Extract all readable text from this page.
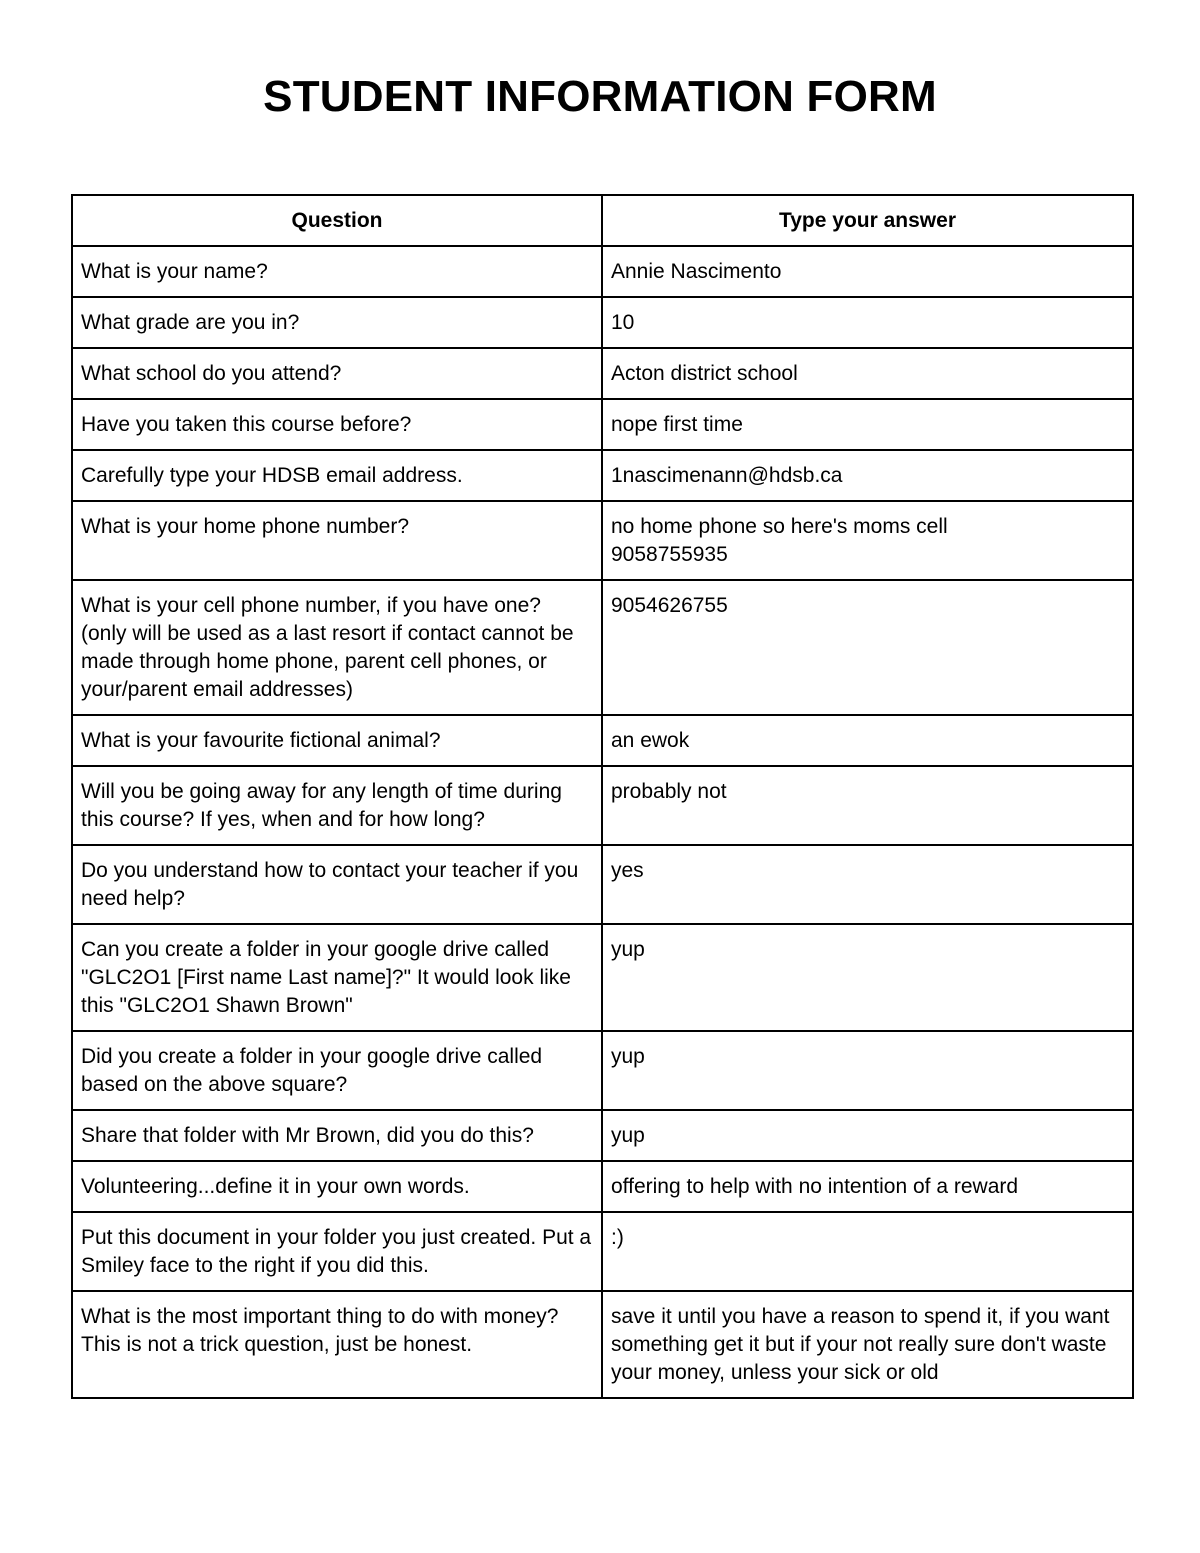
STUDENT INFORMATION FORM
Question	Type your answer
What is your name?	Annie Nascimento
What grade are you in?	10
What school do you attend?	Acton district school
Have you taken this course before?	nope first time
Carefully type your HDSB email address.	1nascimenann@hdsb.ca
What is your home phone number?	no home phone so here's moms cell
9058755935
What is your cell phone number, if you have one?
(only will be used as a last resort if contact cannot be made through home phone, parent cell phones, or your/parent email addresses)	9054626755
What is your favourite fictional animal?	an ewok
Will you be going away for any length of time during this course? If yes, when and for how long?	probably not
Do you understand how to contact your teacher if you need help?	yes
Can you create a folder in your google drive called "GLC2O1 [First name Last name]?" It would look like this "GLC2O1 Shawn Brown"	yup
Did you create a folder in your google drive called based on the above square?	yup
Share that folder with Mr Brown, did you do this?	yup
Volunteering...define it in your own words.	offering to help with no intention of a reward
Put this document in your folder you just created. Put a Smiley face to the right if you did this.	:)
What is the most important thing to do with money? This is not a trick question, just be honest.	save it until you have a reason to spend it, if you want something get it but if your not really sure don't waste your money, unless your sick or old
